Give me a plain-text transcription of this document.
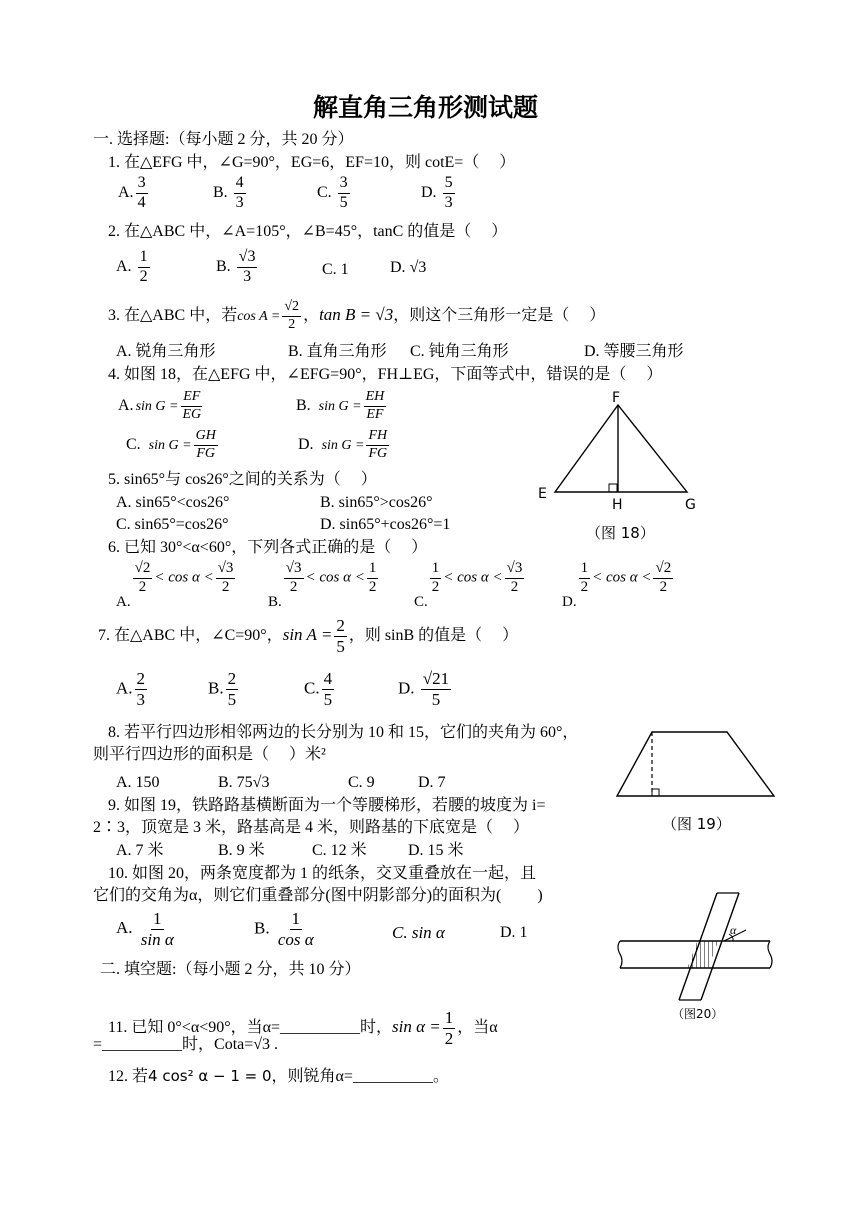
解直角三角形测试题
一. 选择题:（每小题 2 分，共 20 分）
1. 在△EFG 中，∠G=90°，EG=6，EF=10，则 cotE=（　 ）
A. $\frac{3}{4}$	B. $\frac{4}{3}$	C. $\frac{3}{5}$	D. $\frac{5}{3}$
2. 在△ABC 中，∠A=105°，∠B=45°，tanC 的值是（　 ）
A. $\frac{1}{2}$	B. $\frac{√3}{3}$	C. 1	D. √3
3. 在△ABC 中，若$\cos A = \frac{√2}{2}$ ，tan B = √3，则这个三角形一定是（　 ）
A. 锐角三角形	B. 直角三角形 C. 钝角三角形	D. 等腰三角形
4. 如图 18，在△EFG 中，∠EFG=90°，FH⊥EG，下面等式中，错误的是（　 ）
A. $\sin G = \frac{EF}{EG}$	B. $\sin G = \frac{EH}{EF}$
C. $\sin G = \frac{GH}{FG}$	D. $\sin G = \frac{FH}{FG}$
F
E
H	G
（图 18）
5. sin65°与 cos26°之间的关系为（　 ）
A. sin65°<cos26°	B. sin65°>cos26°
C. sin65°=cos26°	D. sin65°+cos26°=1
6. 已知 30°<α<60°，下列各式正确的是（　 ）
A.
$\frac{√2}{2} < \cos \alpha < \frac{√3}{2}$
B.
$\frac{√3}{2} < \cos \alpha < \frac{1}{2}$
C.
$\frac{1}{2} < \cos \alpha < \frac{√3}{2}$
D.
$\frac{1}{2} < \cos \alpha < \frac{√2}{2}$
7. 在△ABC 中，∠C=90°，$\sin A = \frac{2}{5}$ ，则 sinB 的值是（　 ）
A. $\frac{2}{3}$	B. $\frac{2}{5}$	C. $\frac{4}{5}$	D. $\frac{√21}{5}$
8. 若平行四边形相邻两边的长分别为 10 和 15，它们的夹角为 60°，
则平行四边形的面积是（　 ）米²
A. 150	B. 75√3	C. 9	D. 7
（图 19）
9. 如图 19，铁路路基横断面为一个等腰梯形，若腰的坡度为 i=
2∶3，顶宽是 3 米，路基高是 4 米，则路基的下底宽是（　 ）
A. 7 米	B. 9 米	C. 12 米	D. 15 米
10. 如图 20，两条宽度都为 1 的纸条，交叉重叠放在一起，且
它们的交角为α，则它们重叠部分(图中阴影部分)的面积为(　 　)
A. $\frac{1}{\text{sin α}}$	B. $\frac{1}{\text{cos α}}$	C. sin α	D. 1	α
（图20）
二. 填空题:（每小题 2 分，共 10 分）
11. 已知 0°<α<90°，当α=__________时，$\sin \alpha = \frac{1}{2}$ ，当α
=__________时，Cota=√3 .
12. 若4 cos² α − 1 = 0，则锐角α=__________。
